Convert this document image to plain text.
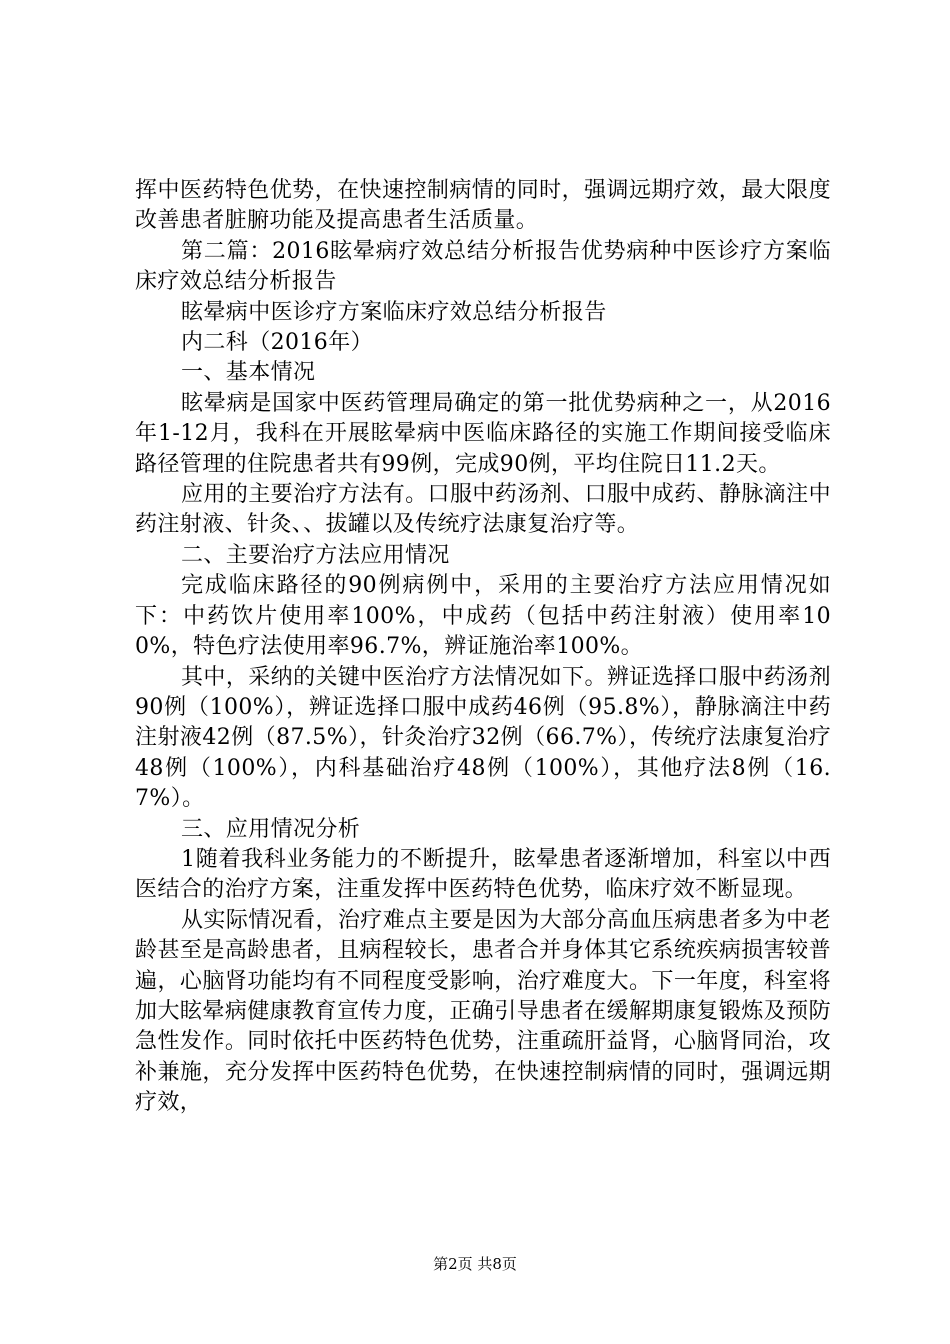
挥中医药特色优势，在快速控制病情的同时，强调远期疗效，最大限度改善患者脏腑功能及提高患者生活质量。

第二篇：2016眩晕病疗效总结分析报告优势病种中医诊疗方案临床疗效总结分析报告

眩晕病中医诊疗方案临床疗效总结分析报告

内二科（2016年）

一、基本情况

眩晕病是国家中医药管理局确定的第一批优势病种之一，从2016年1-12月，我科在开展眩晕病中医临床路径的实施工作期间接受临床路径管理的住院患者共有99例，完成90例，平均住院日11.2天。

应用的主要治疗方法有。口服中药汤剂、口服中成药、静脉滴注中药注射液、针灸、、拔罐以及传统疗法康复治疗等。

二、主要治疗方法应用情况

完成临床路径的90例病例中，采用的主要治疗方法应用情况如下：中药饮片使用率100%，中成药（包括中药注射液）使用率100%，特色疗法使用率96.7%，辨证施治率100%。

其中，采纳的关键中医治疗方法情况如下。辨证选择口服中药汤剂90例（100%），辨证选择口服中成药46例（95.8%），静脉滴注中药注射液42例（87.5%），针灸治疗32例（66.7%），传统疗法康复治疗48例（100%），内科基础治疗48例（100%），其他疗法8例（16.7%）。

三、应用情况分析

1随着我科业务能力的不断提升，眩晕患者逐渐增加，科室以中西医结合的治疗方案，注重发挥中医药特色优势，临床疗效不断显现。

从实际情况看，治疗难点主要是因为大部分高血压病患者多为中老龄甚至是高龄患者，且病程较长，患者合并身体其它系统疾病损害较普遍，心脑肾功能均有不同程度受影响，治疗难度大。下一年度，科室将加大眩晕病健康教育宣传力度，正确引导患者在缓解期康复锻炼及预防急性发作。同时依托中医药特色优势，注重疏肝益肾，心脑肾同治，攻补兼施，充分发挥中医药特色优势，在快速控制病情的同时，强调远期疗效，

第2页 共8页
